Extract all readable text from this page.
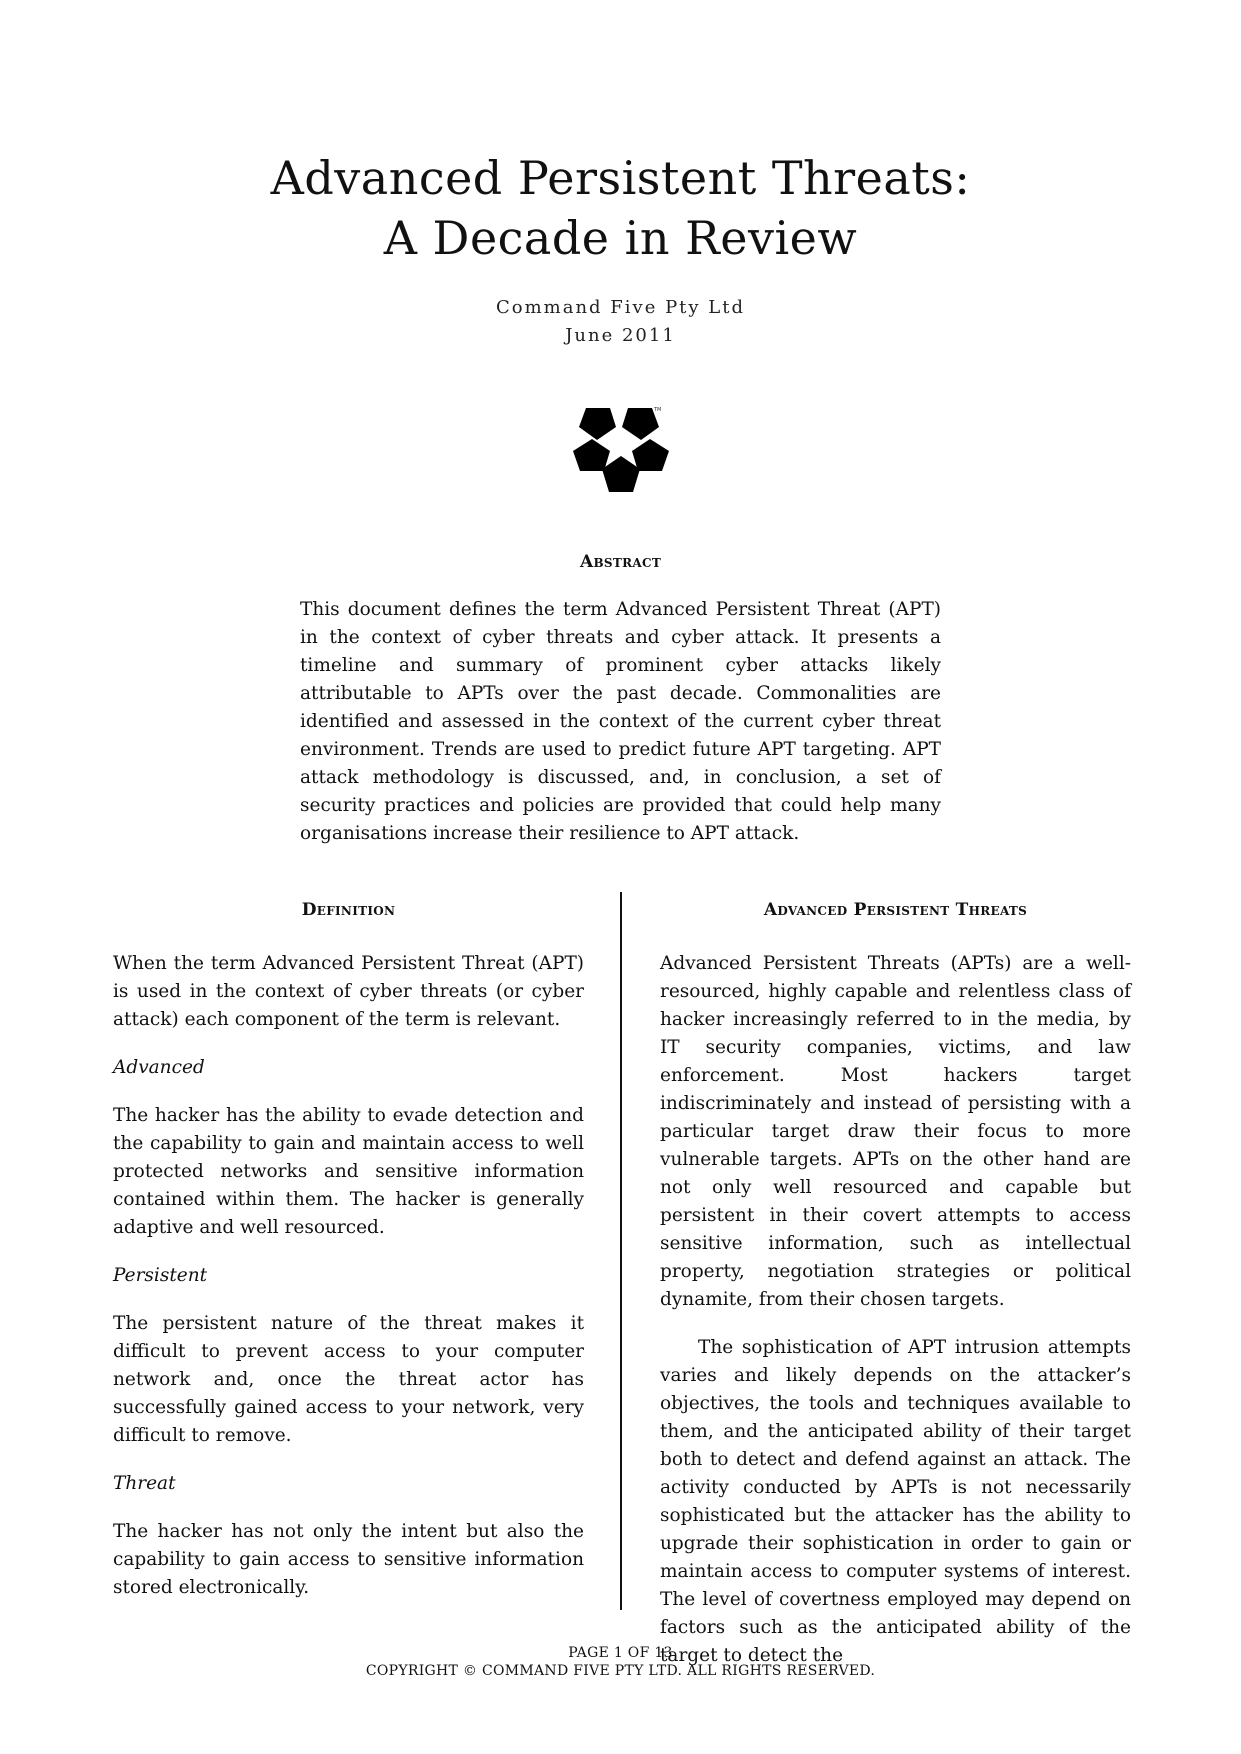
Advanced Persistent Threats:
A Decade in Review
Command Five Pty Ltd
June 2011
TM
Abstract
This document defines the term Advanced Persistent Threat (APT) in the context of cyber threats and cyber attack. It presents a timeline and summary of prominent cyber attacks likely attributable to APTs over the past decade. Commonalities are identified and assessed in the context of the current cyber threat environment. Trends are used to predict future APT targeting. APT attack methodology is discussed, and, in conclusion, a set of security practices and policies are provided that could help many organisations increase their resilience to APT attack.
Definition

When the term Advanced Persistent Threat (APT) is used in the context of cyber threats (or cyber attack) each component of the term is relevant.

Advanced

The hacker has the ability to evade detection and the capability to gain and maintain access to well protected networks and sensitive information contained within them. The hacker is generally adaptive and well resourced.

Persistent

The persistent nature of the threat makes it difficult to prevent access to your computer network and, once the threat actor has successfully gained access to your network, very difficult to remove.

Threat

The hacker has not only the intent but also the capability to gain access to sensitive information stored electronically.

Advanced Persistent Threats

Advanced Persistent Threats (APTs) are a well-resourced, highly capable and relentless class of hacker increasingly referred to in the media, by IT security companies, victims, and law enforcement. Most hackers target indiscriminately and instead of persisting with a particular target draw their focus to more vulnerable targets. APTs on the other hand are not only well resourced and capable but persistent in their covert attempts to access sensitive information, such as intellectual property, negotiation strategies or political dynamite, from their chosen targets.

The sophistication of APT intrusion attempts varies and likely depends on the attacker’s objectives, the tools and techniques available to them, and the anticipated ability of their target both to detect and defend against an attack. The activity conducted by APTs is not necessarily sophisticated but the attacker has the ability to upgrade their sophistication in order to gain or maintain access to computer systems of interest. The level of covertness employed may depend on factors such as the anticipated ability of the target to detect the

PAGE 1 OF 13
COPYRIGHT © COMMAND FIVE PTY LTD. ALL RIGHTS RESERVED.
